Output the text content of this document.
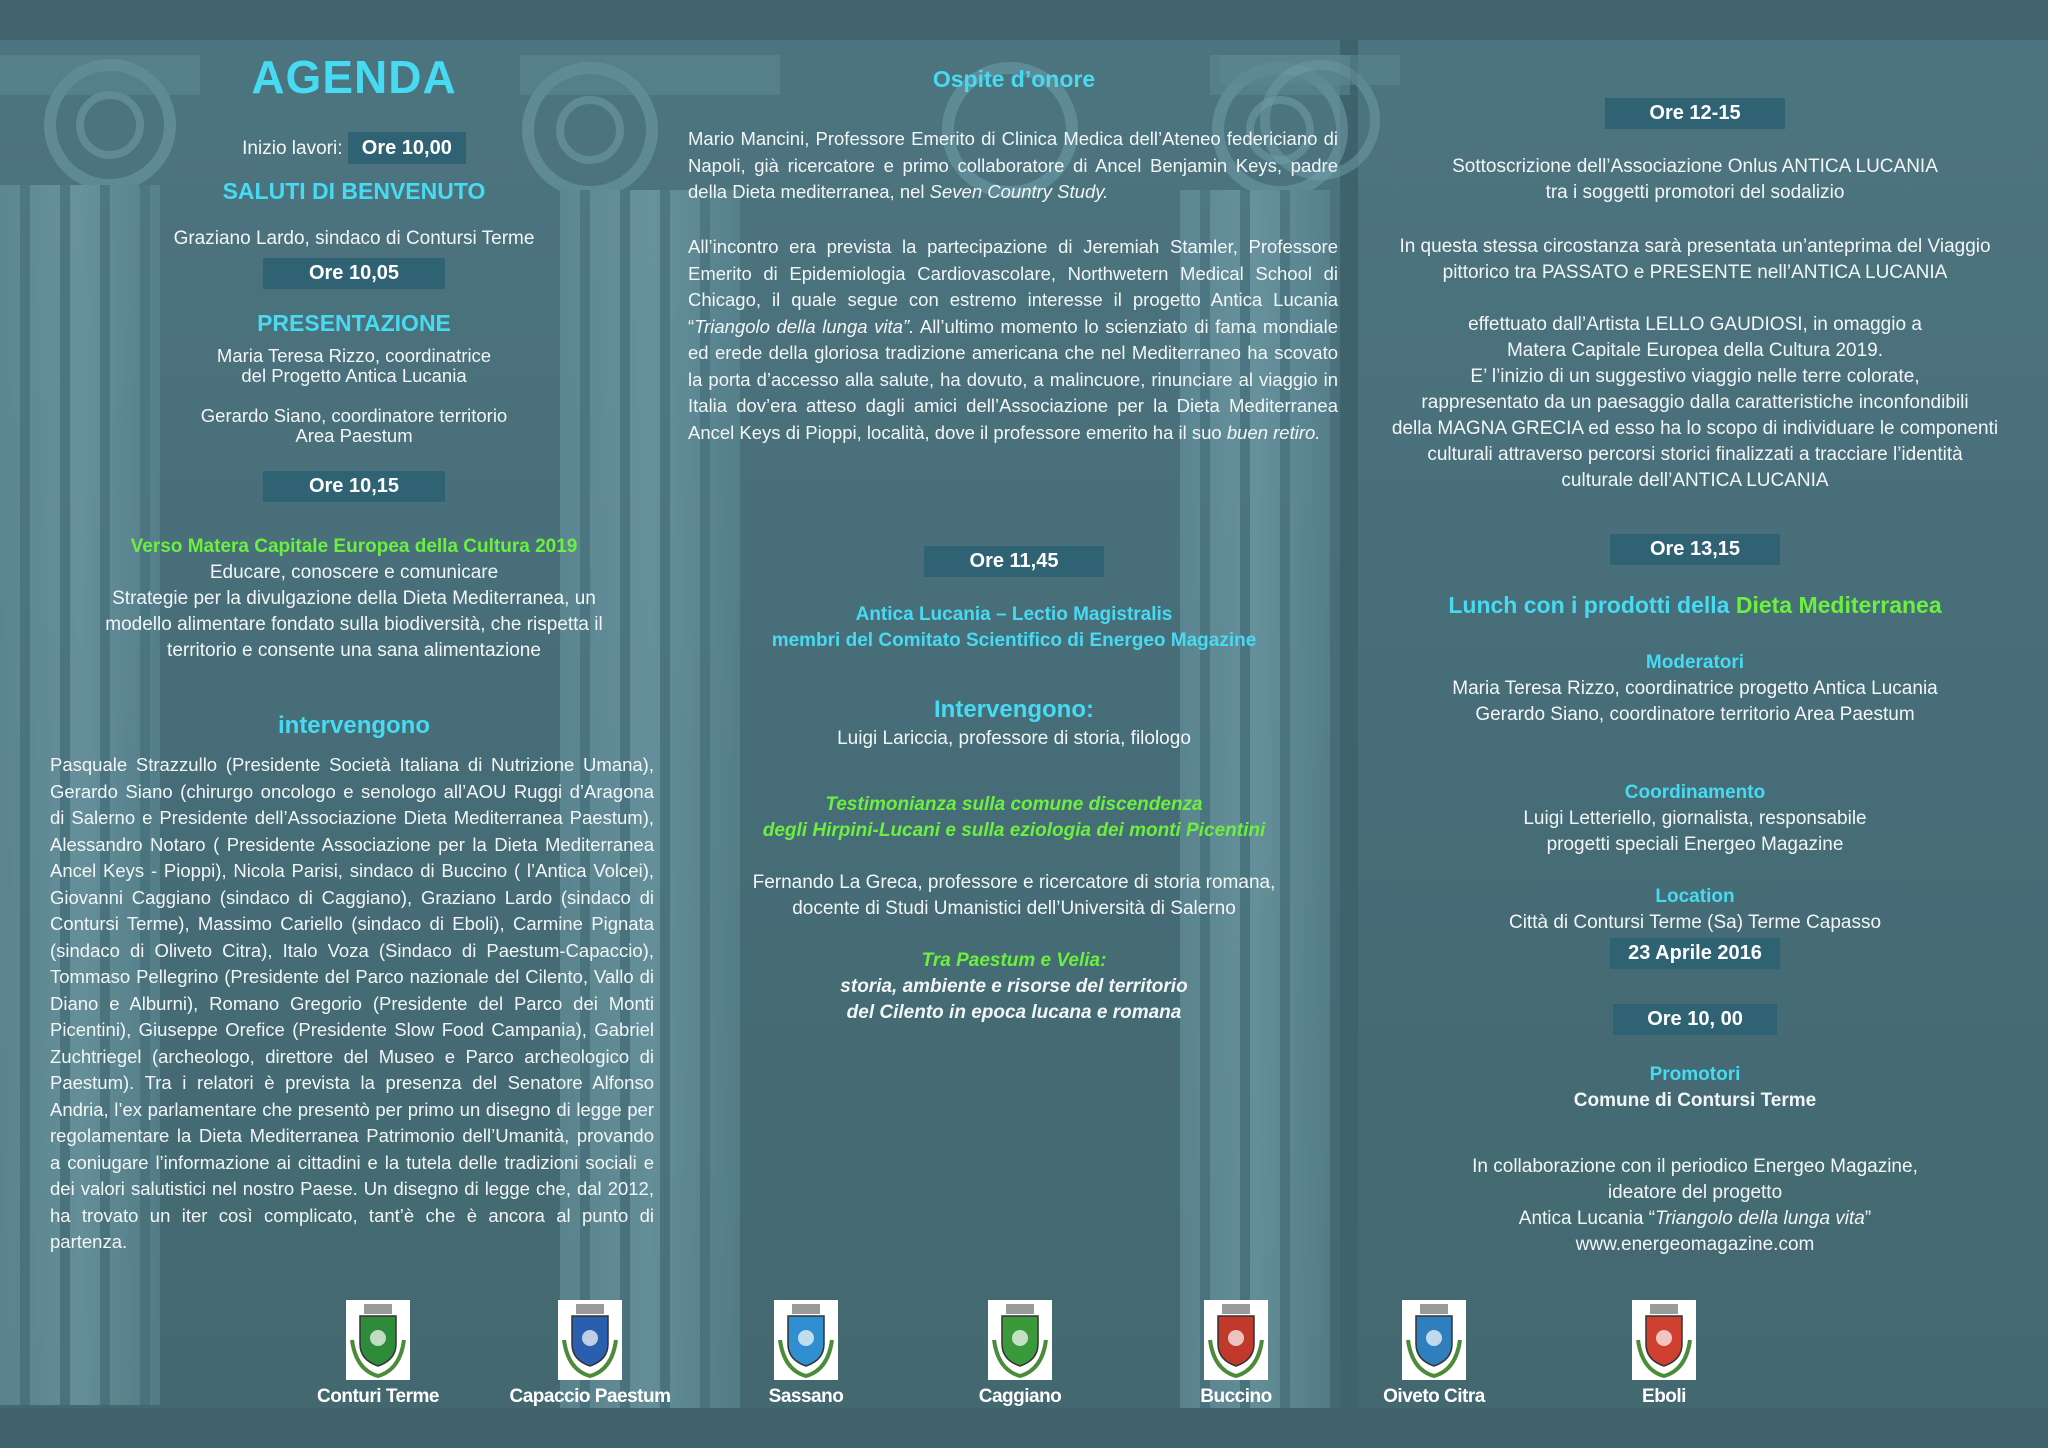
AGENDA
Inizio lavori: Ore 10,00
SALUTI DI BENVENUTO
Graziano Lardo, sindaco di Contursi Terme
Ore 10,05
PRESENTAZIONE

Maria Teresa Rizzo, coordinatrice

del Progetto Antica Lucania

Gerardo Siano, coordinatore territorio

Area Paestum

Ore 10,15

Verso Matera Capitale Europea della Cultura 2019

Educare, conoscere e comunicare

Strategie per la divulgazione della Dieta Mediterranea, un

modello alimentare fondato sulla biodiversità, che rispetta il

territorio e consente una sana alimentazione

intervengono
Pasquale Strazzullo (Presidente Società Italiana di Nutrizione Umana), Gerardo Siano (chirurgo oncologo e senologo all’AOU Ruggi d’Aragona di Salerno e Presidente dell’Associazione Dieta Mediterranea Paestum), Alessandro Notaro ( Presidente Associazione per la Dieta Mediterranea Ancel Keys - Pioppi), Nicola Parisi, sindaco di Buccino ( l’Antica Volcei), Giovanni Caggiano (sindaco di Caggiano), Graziano Lardo (sindaco di Contursi Terme), Massimo Cariello (sindaco di Eboli), Carmine Pignata (sindaco di Oliveto Citra), Italo Voza (Sindaco di Paestum-Capaccio), Tommaso Pellegrino (Presidente del Parco nazionale del Cilento, Vallo di Diano e Alburni), Romano Gregorio (Presidente del Parco dei Monti Picentini), Giuseppe Orefice (Presidente Slow Food Campania), Gabriel Zuchtriegel (archeologo, direttore del Museo e Parco archeologico di Paestum). Tra i relatori è prevista la presenza del Senatore Alfonso Andria, l’ex parlamentare che presentò per primo un disegno di legge per regolamentare la Dieta Mediterranea Patrimonio dell’Umanità, provando a coniugare l’informazione ai cittadini e la tutela delle tradizioni sociali e dei valori salutistici nel nostro Paese. Un disegno di legge che, dal 2012, ha trovato un iter così complicato, tant’è che è ancora al punto di partenza.
Ospite d’onore
Mario Mancini, Professore Emerito di Clinica Medica dell’Ateneo federiciano di Napoli, già ricercatore e primo collaboratore di Ancel Benjamin Keys, padre della Dieta mediterranea, nel Seven Country Study.
All’incontro era prevista la partecipazione di Jeremiah Stamler, Professore Emerito di Epidemiologia Cardiovascolare, Northwetern Medical School di Chicago, il quale segue con estremo interesse il progetto Antica Lucania “Triangolo della lunga vita”. All’ultimo momento lo scienziato di fama mondiale ed erede della gloriosa tradizione americana che nel Mediterraneo ha scovato la porta d’accesso alla salute, ha dovuto, a malincuore, rinunciare al viaggio in Italia dov’era atteso dagli amici dell’Associazione per la Dieta Mediterranea Ancel Keys di Pioppi, località, dove il professore emerito ha il suo buen retiro.
Ore 11,45

Antica Lucania – Lectio Magistralis

membri del Comitato Scientifico di Energeo Magazine

Intervengono:
Luigi Lariccia, professore di storia, filologo

Testimonianza sulla comune discendenza

degli Hirpini-Lucani e sulla eziologia dei monti Picentini

Fernando La Greca, professore e ricercatore di storia romana,

docente di Studi Umanistici dell’Università di Salerno

Tra Paestum e Velia:

storia, ambiente e risorse del territorio

del Cilento in epoca lucana e romana

Ore 12-15

Sottoscrizione dell’Associazione Onlus ANTICA LUCANIA

tra i soggetti promotori del sodalizio

In questa stessa circostanza sarà presentata un’anteprima del Viaggio

pittorico tra PASSATO e PRESENTE nell’ANTICA LUCANIA

effettuato dall’Artista LELLO GAUDIOSI, in omaggio a

Matera Capitale Europea della Cultura 2019.

E’ l’inizio di un suggestivo viaggio nelle terre colorate,

rappresentato da un paesaggio dalla caratteristiche inconfondibili

della MAGNA GRECIA ed esso ha lo scopo di individuare le componenti

culturali attraverso percorsi storici finalizzati a tracciare l’identità

culturale dell’ANTICA LUCANIA

Ore 13,15
Lunch con i prodotti della Dieta Mediterranea

Moderatori

Maria Teresa Rizzo, coordinatrice progetto Antica Lucania

Gerardo Siano, coordinatore territorio Area Paestum

Coordinamento

Luigi Letteriello, giornalista, responsabile

progetti speciali Energeo Magazine

Location

Città di Contursi Terme (Sa) Terme Capasso

23 Aprile 2016
Ore 10, 00

Promotori

Comune di Contursi Terme

In collaborazione con il periodico Energeo Magazine,

ideatore del progetto

Antica Lucania “Triangolo della lunga vita”

www.energeomagazine.com

Conturi Terme	Capaccio Paestum	Sassano	Caggiano	Buccino	Oiveto Citra	Eboli
